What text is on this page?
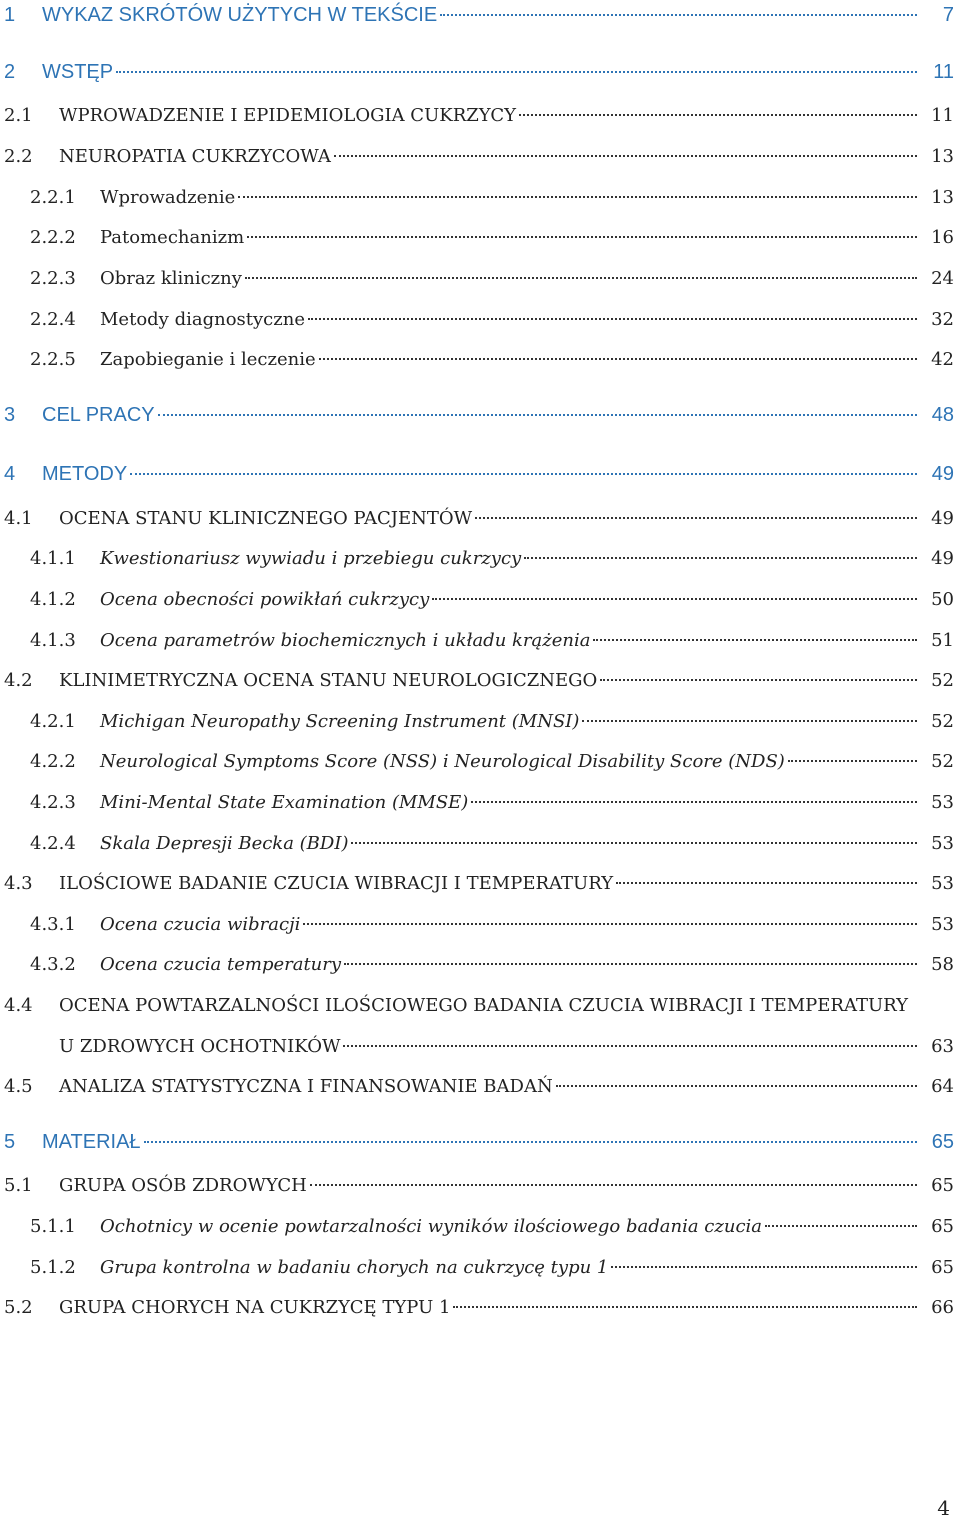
1	WYKAZ SKRÓTÓW UŻYTYCH W TEKŚCIE	7
2	WSTĘP	11
2.1	WPROWADZENIE I EPIDEMIOLOGIA CUKRZYCY	11
2.2	NEUROPATIA CUKRZYCOWA	13
2.2.1	Wprowadzenie	13
2.2.2	Patomechanizm	16
2.2.3	Obraz kliniczny	24
2.2.4	Metody diagnostyczne	32
2.2.5	Zapobieganie i leczenie	42
3	CEL PRACY	48
4	METODY	49
4.1	OCENA STANU KLINICZNEGO PACJENTÓW	49
4.1.1	Kwestionariusz wywiadu i przebiegu cukrzycy	49
4.1.2	Ocena obecności powikłań cukrzycy	50
4.1.3	Ocena parametrów biochemicznych i układu krążenia	51
4.2	KLINIMETRYCZNA OCENA STANU NEUROLOGICZNEGO	52
4.2.1	Michigan Neuropathy Screening Instrument (MNSI)	52
4.2.2	Neurological Symptoms Score (NSS) i Neurological Disability Score (NDS)	52
4.2.3	Mini-Mental State Examination (MMSE)	53
4.2.4	Skala Depresji Becka (BDI)	53
4.3	ILOŚCIOWE BADANIE CZUCIA WIBRACJI I TEMPERATURY	53
4.3.1	Ocena czucia wibracji	53
4.3.2	Ocena czucia temperatury	58
4.4	OCENA POWTARZALNOŚCI ILOŚCIOWEGO BADANIA CZUCIA WIBRACJI I TEMPERATURY
U ZDROWYCH OCHOTNIKÓW	63
4.5	ANALIZA STATYSTYCZNA I FINANSOWANIE BADAŃ	64
5	MATERIAŁ	65
5.1	GRUPA OSÓB ZDROWYCH	65
5.1.1	Ochotnicy w ocenie powtarzalności wyników ilościowego badania czucia	65
5.1.2	Grupa kontrolna w badaniu chorych na cukrzycę typu 1	65
5.2	GRUPA CHORYCH NA CUKRZYCĘ TYPU 1	66
4
